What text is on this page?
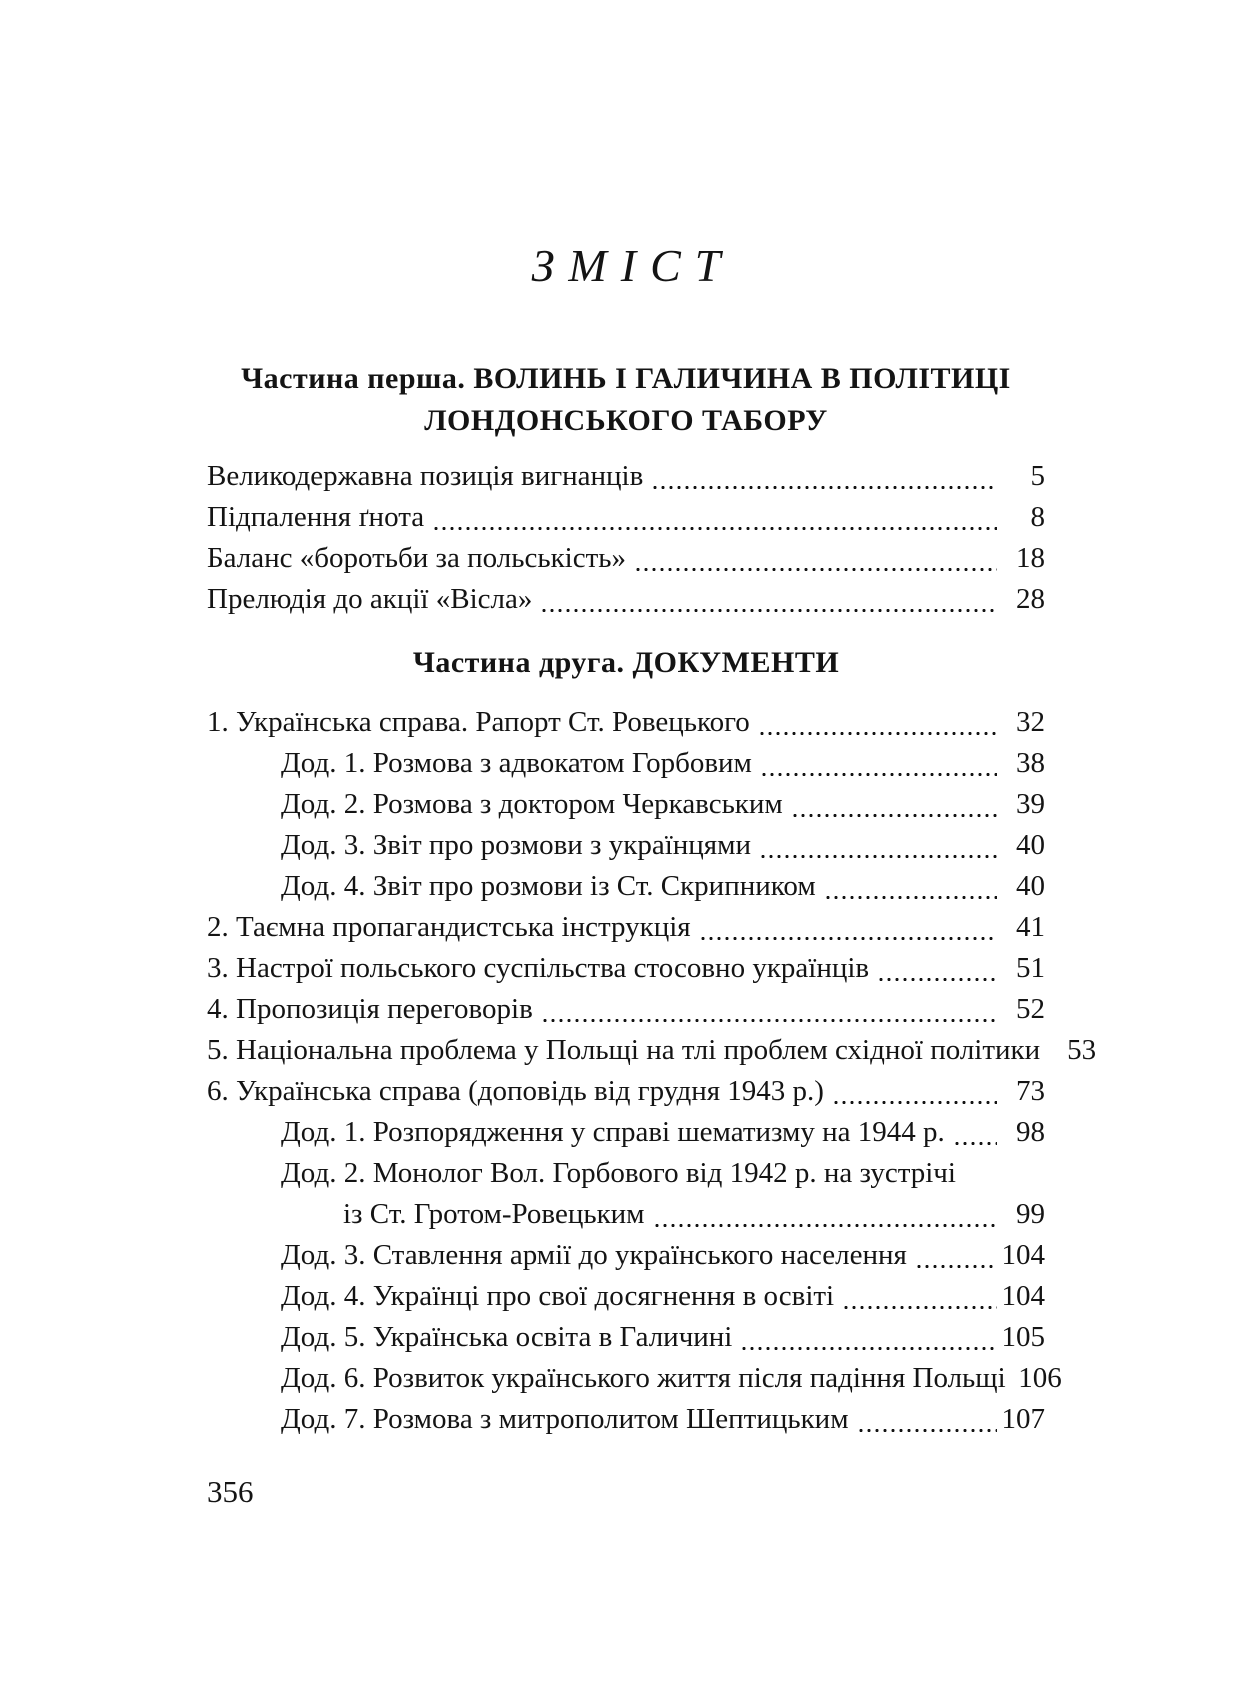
ЗМІСТ
Частина перша. ВОЛИНЬ І ГАЛИЧИНА В ПОЛІТИЦІ
ЛОНДОНСЬКОГО ТАБОРУ
Великодержавна позиція вигнанців	5
Підпалення ґнота	8
Баланс «боротьби за польськість»	18
Прелюдія до акції «Вісла»	28
Частина друга. ДОКУМЕНТИ
1. Українська справа. Рапорт Ст. Ровецького	32
Дод. 1. Розмова з адвокатом Горбовим	38
Дод. 2. Розмова з доктором Черкавським	39
Дод. 3. Звіт про розмови з українцями	40
Дод. 4. Звіт про розмови із Ст. Скрипником	40
2. Таємна пропагандистська інструкція	41
3. Настрої польського суспільства стосовно українців	51
4. Пропозиція переговорів	52
5. Національна проблема у Польщі на тлі проблем східної політики 53
6. Українська справа (доповідь від грудня 1943 р.)	73
Дод. 1. Розпорядження у справі шематизму на 1944 р.	98
Дод. 2. Монолог Вол. Горбового від 1942 р. на зустрічі
із Ст. Гротом-Ровецьким	99
Дод. 3. Ставлення армії до українського населення	104
Дод. 4. Українці про свої досягнення в освіті	104
Дод. 5. Українська освіта в Галичині	105
Дод. 6. Розвиток українського життя після падіння Польщі 106
Дод. 7. Розмова з митрополитом Шептицьким	107
356
